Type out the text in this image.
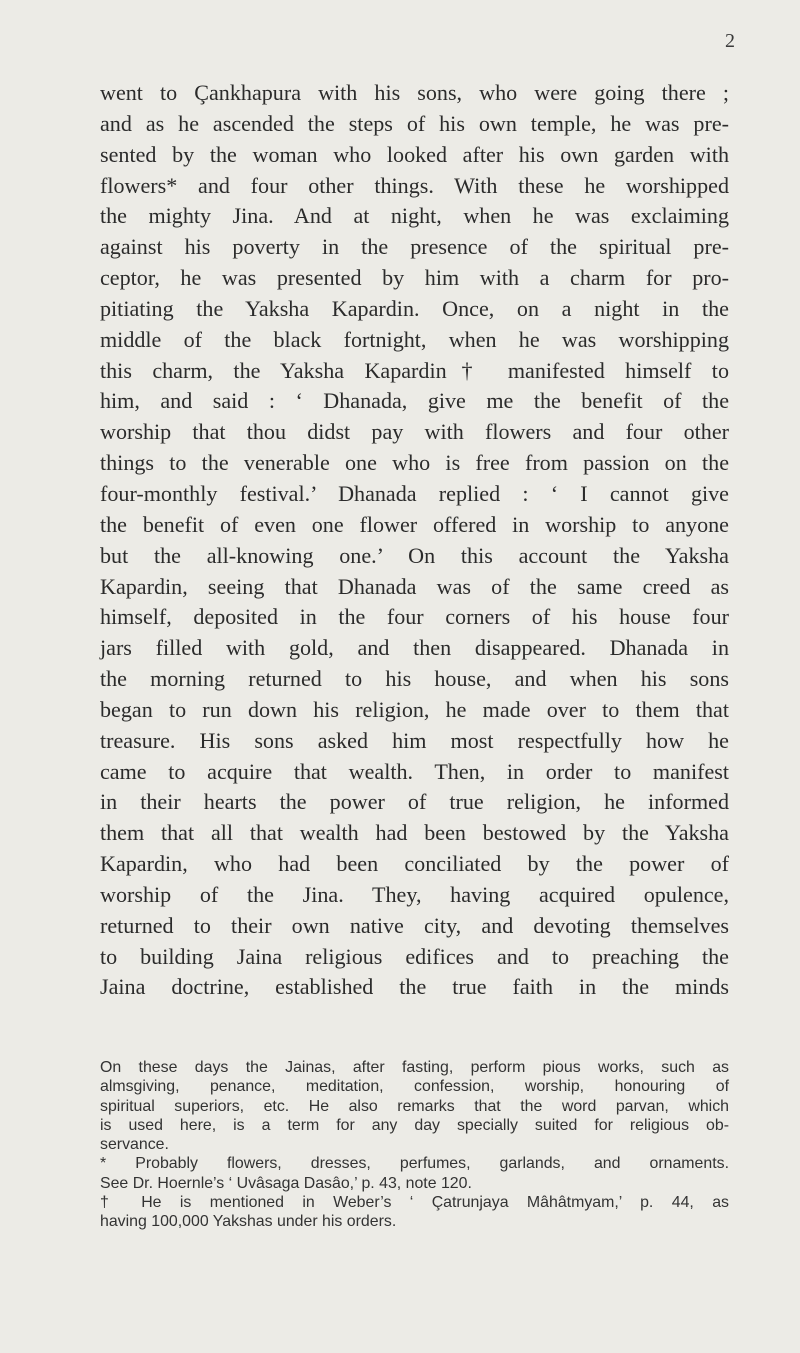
2
went to Çankhapura with his sons, who were going there ;
and as he ascended the steps of his own temple, he was pre-
sented by the woman who looked after his own garden with
flowers* and four other things. With these he worshipped
the mighty Jina. And at night, when he was exclaiming
against his poverty in the presence of the spiritual pre-
ceptor, he was presented by him with a charm for pro-
pitiating the Yaksha Kapardin. Once, on a night in the
middle of the black fortnight, when he was worshipping
this charm, the Yaksha Kapardin† manifested himself to
him, and said : ‘ Dhanada, give me the benefit of the
worship that thou didst pay with flowers and four other
things to the venerable one who is free from passion on the
four-monthly festival.’ Dhanada replied : ‘ I cannot give
the benefit of even one flower offered in worship to anyone
but the all-knowing one.’ On this account the Yaksha
Kapardin, seeing that Dhanada was of the same creed as
himself, deposited in the four corners of his house four
jars filled with gold, and then disappeared. Dhanada in
the morning returned to his house, and when his sons
began to run down his religion, he made over to them that
treasure. His sons asked him most respectfully how he
came to acquire that wealth. Then, in order to manifest
in their hearts the power of true religion, he informed
them that all that wealth had been bestowed by the Yaksha
Kapardin, who had been conciliated by the power of
worship of the Jina. They, having acquired opulence,
returned to their own native city, and devoting themselves
to building Jaina religious edifices and to preaching the
Jaina doctrine, established the true faith in the minds
On these days the Jainas, after fasting, perform pious works, such as
almsgiving, penance, meditation, confession, worship, honouring of
spiritual superiors, etc. He also remarks that the word parvan, which
is used here, is a term for any day specially suited for religious ob-
servance.
* Probably flowers, dresses, perfumes, garlands, and ornaments.
See Dr. Hoernle’s ‘ Uvâsaga Dasâo,’ p. 43, note 120.
† He is mentioned in Weber’s ‘ Çatrunjaya Mâhâtmyam,’ p. 44, as
having 100,000 Yakshas under his orders.
